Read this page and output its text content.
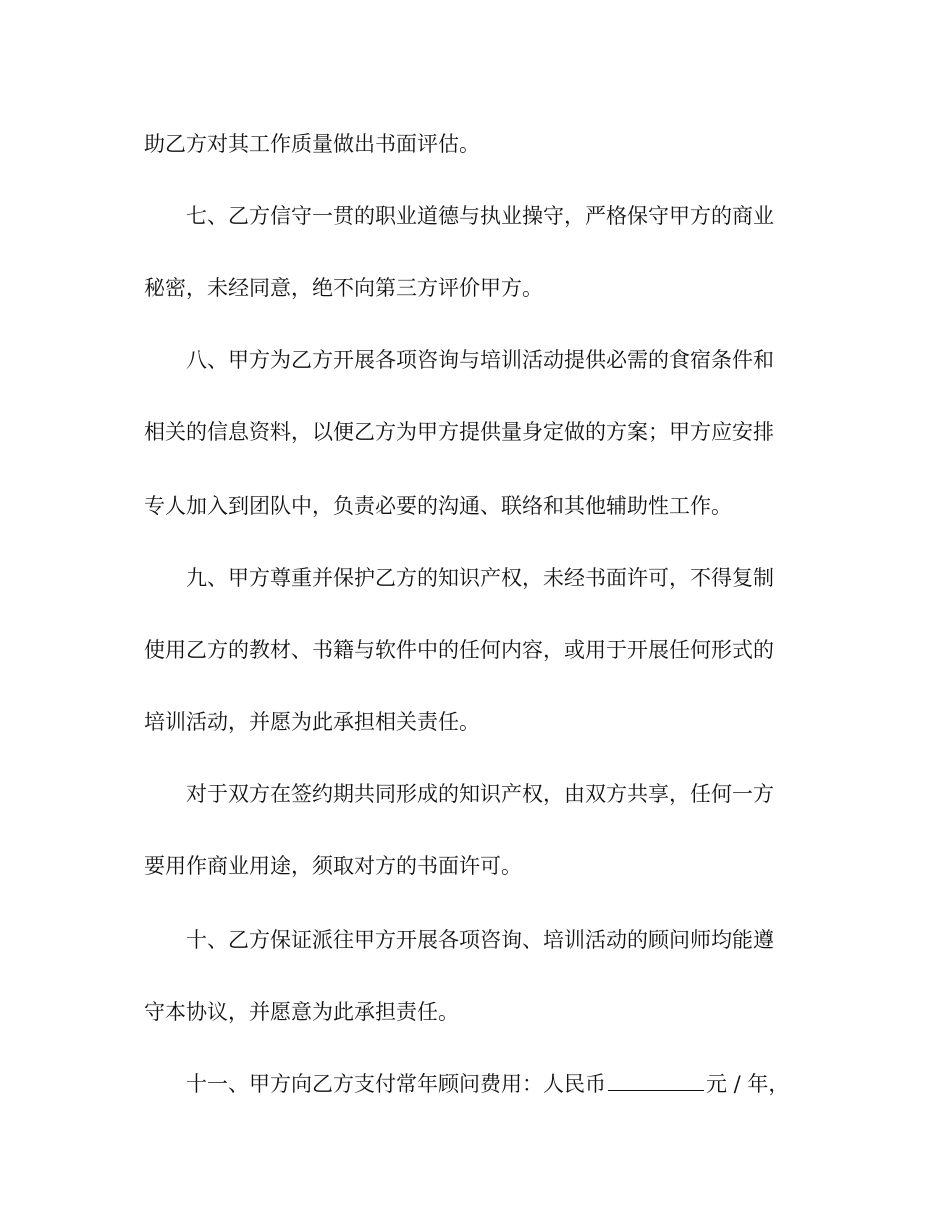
助乙方对其工作质量做出书面评估。
七、乙方信守一贯的职业道德与执业操守，严格保守甲方的商业
秘密，未经同意，绝不向第三方评价甲方。
八、甲方为乙方开展各项咨询与培训活动提供必需的食宿条件和
相关的信息资料，以便乙方为甲方提供量身定做的方案；甲方应安排
专人加入到团队中，负责必要的沟通、联络和其他辅助性工作。
九、甲方尊重并保护乙方的知识产权，未经书面许可，不得复制
使用乙方的教材、书籍与软件中的任何内容，或用于开展任何形式的
培训活动，并愿为此承担相关责任。
对于双方在签约期共同形成的知识产权，由双方共享，任何一方
要用作商业用途，须取对方的书面许可。
十、乙方保证派往甲方开展各项咨询、培训活动的顾问师均能遵
守本协议，并愿意为此承担责任。
十一、甲方向乙方支付常年顾问费用：人民币	元 / 年，
